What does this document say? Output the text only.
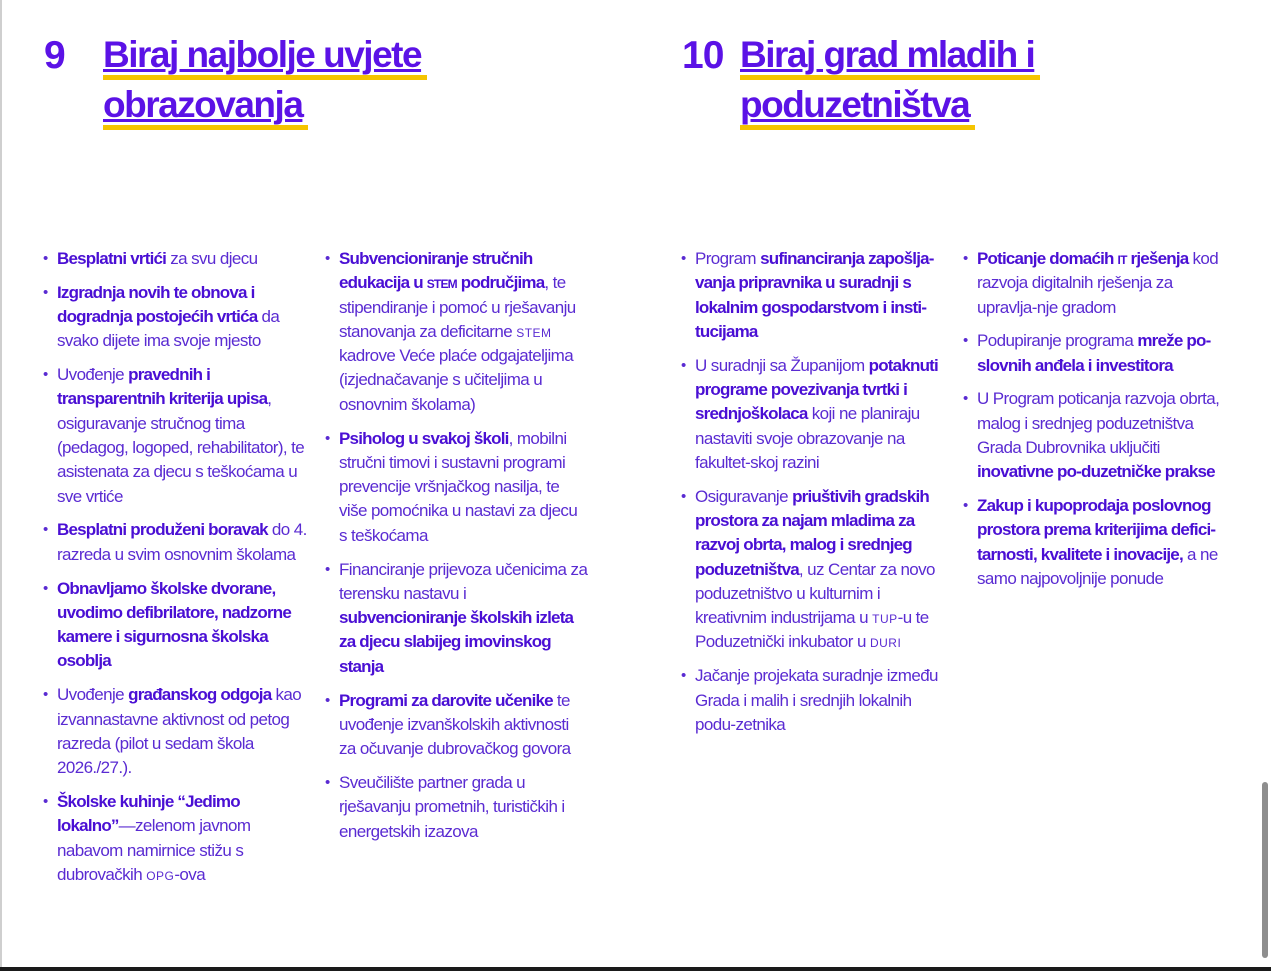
9 Biraj najbolje uvjete
obrazovanja
10 Biraj grad mladih i
poduzetništva
• Besplatni vrtići za svu djecu
• Izgradnja novih te obnova i dogradnja postojećih vrtića da svako dijete ima svoje mjesto
• Uvođenje pravednih i transparentnih kriterija upisa, osiguravanje stručnog tima (pedagog, logoped, rehabilitator), te asistenata za djecu s teškoćama u sve vrtiće
• Besplatni produženi boravak do 4. razreda u svim osnovnim školama
• Obnavljamo školske dvorane, uvodimo defibrilatore, nadzorne kamere i sigurnosna školska osoblja
• Uvođenje građanskog odgoja kao izvannastavne aktivnost od petog razreda (pilot u sedam škola 2026./27.).
• Školske kuhinje “Jedimo lokalno”—zelenom javnom nabavom namirnice stižu s dubrovačkih opg-ova
• Subvencioniranje stručnih edukacija u stem područjima, te stipendiranje i pomoć u rješavanju stanovanja za deficitarne stem kadrove Veće plaće odgajateljima (izjednačavanje s učiteljima u osnovnim školama)
• Psiholog u svakoj školi, mobilni stručni timovi i sustavni programi prevencije vršnjačkog nasilja, te više pomoćnika u nastavi za djecu s teškoćama
• Financiranje prijevoza učenicima za terensku nastavu i subvencioniranje školskih izleta za djecu slabijeg imovinskog stanja
• Programi za darovite učenike te uvođenje izvanškolskih aktivnosti za očuvanje dubrovačkog govora
• Sveučilište partner grada u rješavanju prometnih, turističkih i energetskih izazova
• Program sufinanciranja zapošlja-vanja pripravnika u suradnji s lokalnim gospodarstvom i insti-tucijama
• U suradnji sa Županijom potaknuti programe povezivanja tvrtki i srednjoškolaca koji ne planiraju nastaviti svoje obrazovanje na fakultet-skoj razini
• Osiguravanje priuštivih gradskih prostora za najam mladima za razvoj obrta, malog i srednjeg poduzetništva, uz Centar za novo poduzetništvo u kulturnim i kreativnim industrijama u tup-u te Poduzetnički inkubator u duri
• Jačanje projekata suradnje između Grada i malih i srednjih lokalnih podu-zetnika
• Poticanje domaćih it rješenja kod razvoja digitalnih rješenja za upravlja-nje gradom
• Podupiranje programa mreže po-slovnih anđela i investitora
• U Program poticanja razvoja obrta, malog i srednjeg poduzetništva Grada Dubrovnika uključiti inovativne po-duzetničke prakse
• Zakup i kupoprodaja poslovnog prostora prema kriterijima defici-tarnosti, kvalitete i inovacije, a ne samo najpovoljnije ponude
